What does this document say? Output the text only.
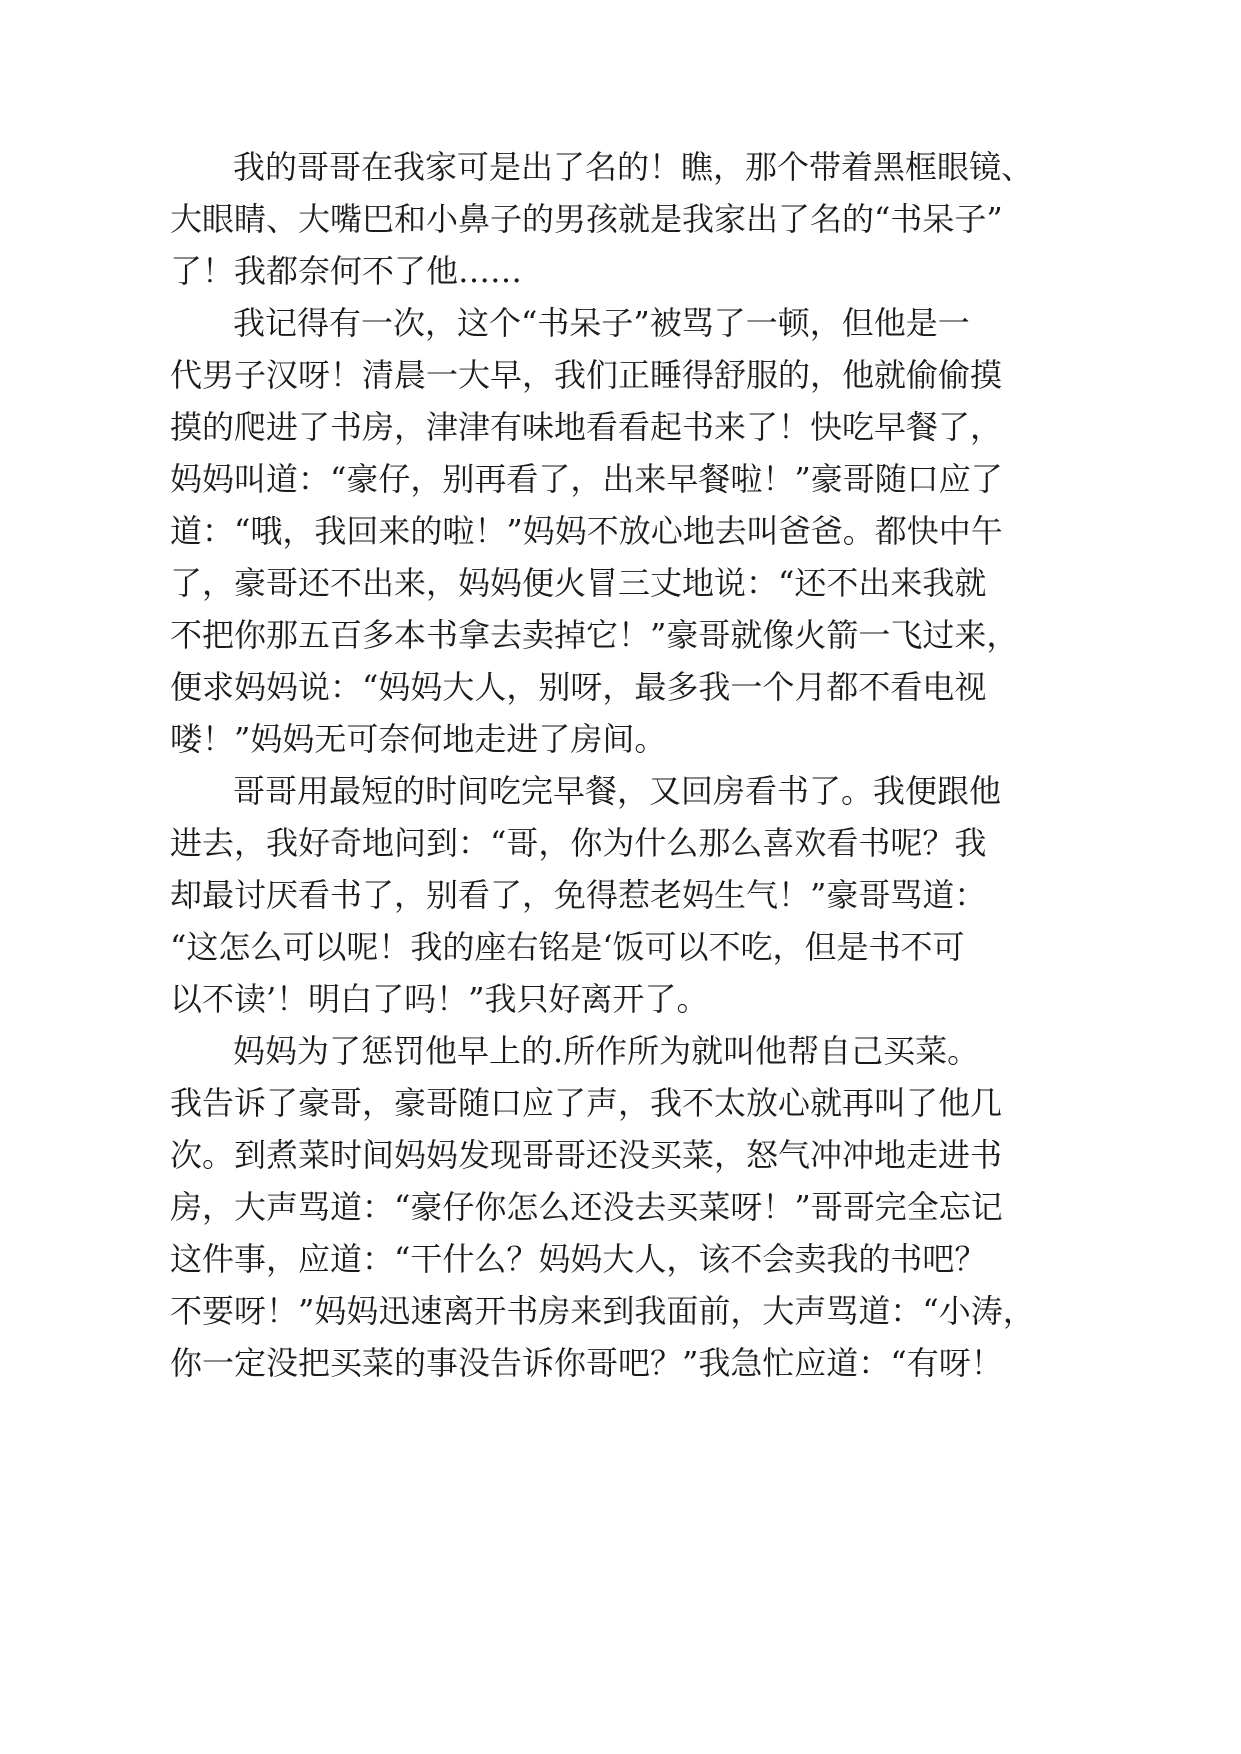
我的哥哥在我家可是出了名的！瞧，那个带着黑框眼镜、
大眼睛、大嘴巴和小鼻子的男孩就是我家出了名的“书呆子”
了！我都奈何不了他……
我记得有一次，这个“书呆子”被骂了一顿，但他是一
代男子汉呀！清晨一大早，我们正睡得舒服的，他就偷偷摸
摸的爬进了书房，津津有味地看看起书来了！快吃早餐了，
妈妈叫道：“豪仔，别再看了，出来早餐啦！”豪哥随口应了
道：“哦，我回来的啦！”妈妈不放心地去叫爸爸。都快中午
了，豪哥还不出来，妈妈便火冒三丈地说：“还不出来我就
不把你那五百多本书拿去卖掉它！”豪哥就像火箭一飞过来，
便求妈妈说：“妈妈大人，别呀，最多我一个月都不看电视
喽！”妈妈无可奈何地走进了房间。
哥哥用最短的时间吃完早餐，又回房看书了。我便跟他
进去，我好奇地问到：“哥，你为什么那么喜欢看书呢？我
却最讨厌看书了，别看了，免得惹老妈生气！”豪哥骂道：
“这怎么可以呢！我的座右铭是‘饭可以不吃，但是书不可
以不读’！明白了吗！”我只好离开了。
妈妈为了惩罚他早上的.所作所为就叫他帮自己买菜。
我告诉了豪哥，豪哥随口应了声，我不太放心就再叫了他几
次。到煮菜时间妈妈发现哥哥还没买菜，怒气冲冲地走进书
房，大声骂道：“豪仔你怎么还没去买菜呀！”哥哥完全忘记
这件事，应道：“干什么？妈妈大人，该不会卖我的书吧？
不要呀！”妈妈迅速离开书房来到我面前，大声骂道：“小涛，
你一定没把买菜的事没告诉你哥吧？”我急忙应道：“有呀！
